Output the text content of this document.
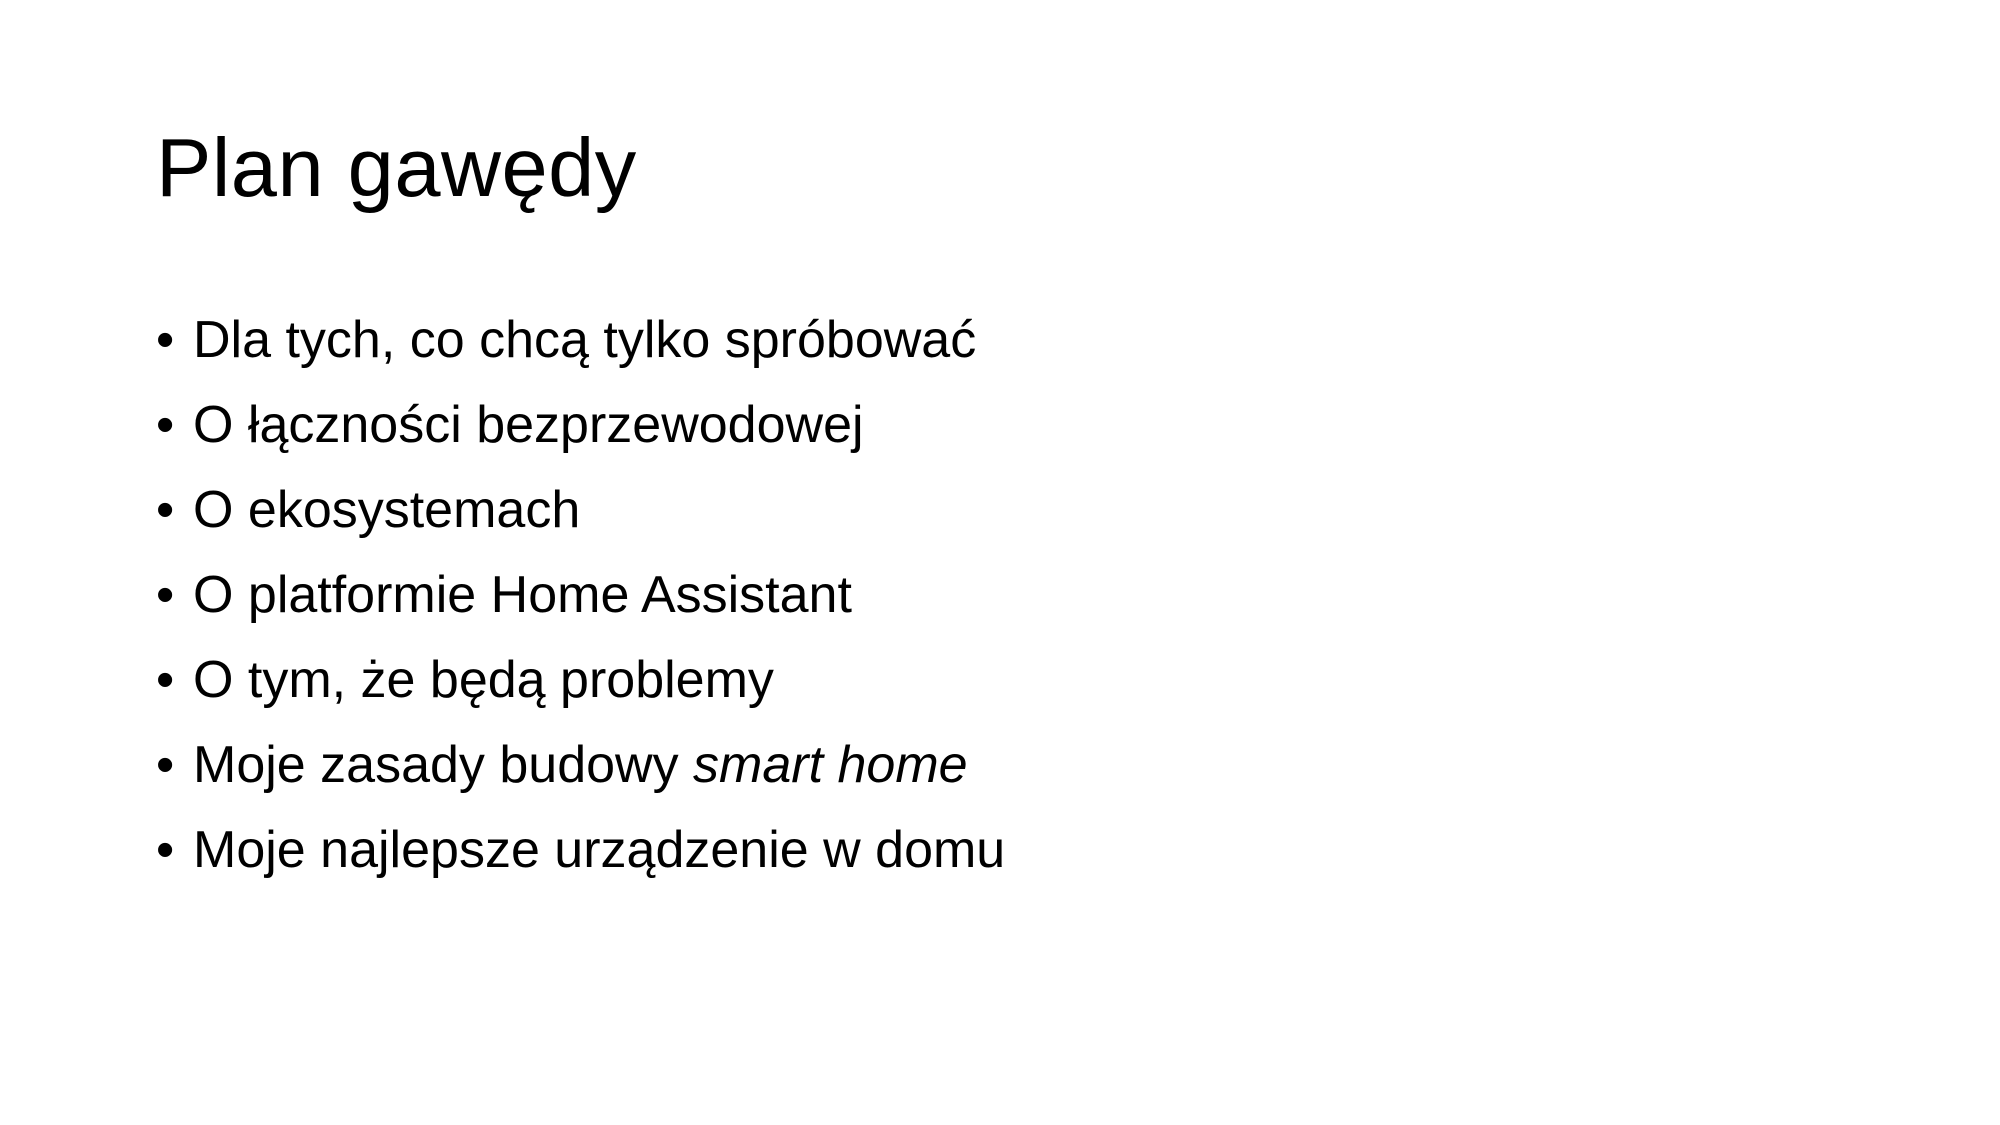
Plan gawędy
• Dla tych, co chcą tylko spróbować
• O łączności bezprzewodowej
• O ekosystemach
• O platformie Home Assistant
• O tym, że będą problemy
• Moje zasady budowy smart home
• Moje najlepsze urządzenie w domu
